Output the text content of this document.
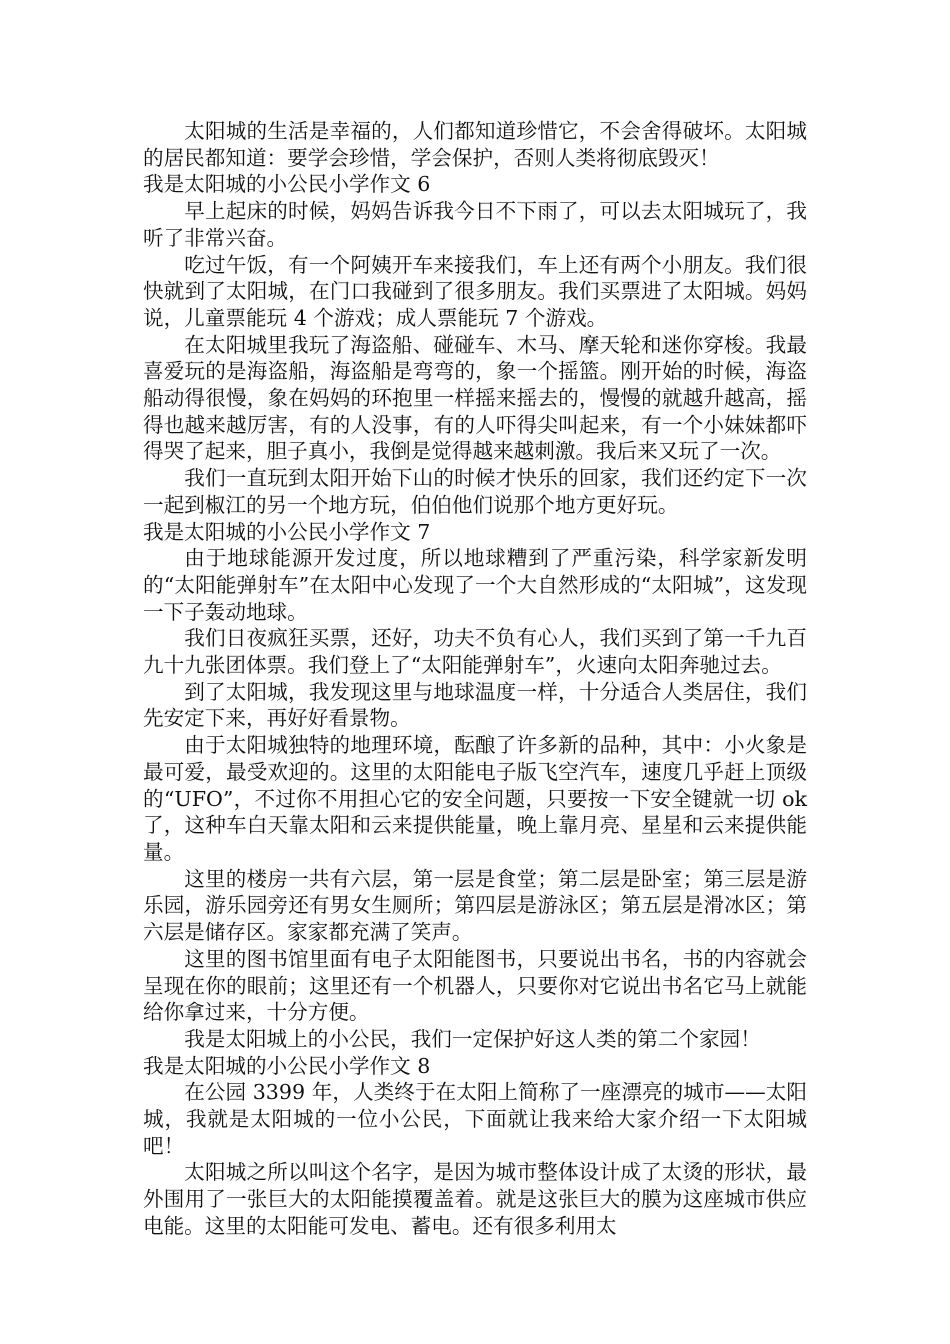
太阳城的生活是幸福的，人们都知道珍惜它，不会舍得破坏。太阳城的居民都知道：要学会珍惜，学会保护，否则人类将彻底毁灭！

我是太阳城的小公民小学作文 6

早上起床的时候，妈妈告诉我今日不下雨了，可以去太阳城玩了，我听了非常兴奋。

吃过午饭，有一个阿姨开车来接我们，车上还有两个小朋友。我们很快就到了太阳城，在门口我碰到了很多朋友。我们买票进了太阳城。妈妈说，儿童票能玩 4 个游戏；成人票能玩 7 个游戏。

在太阳城里我玩了海盗船、碰碰车、木马、摩天轮和迷你穿梭。我最喜爱玩的是海盗船，海盗船是弯弯的，象一个摇篮。刚开始的时候，海盗船动得很慢，象在妈妈的环抱里一样摇来摇去的，慢慢的就越升越高，摇得也越来越厉害，有的人没事，有的人吓得尖叫起来，有一个小妹妹都吓得哭了起来，胆子真小，我倒是觉得越来越刺激。我后来又玩了一次。

我们一直玩到太阳开始下山的时候才快乐的回家，我们还约定下一次一起到椒江的另一个地方玩，伯伯他们说那个地方更好玩。

我是太阳城的小公民小学作文 7

由于地球能源开发过度，所以地球糟到了严重污染，科学家新发明的“太阳能弹射车”在太阳中心发现了一个大自然形成的“太阳城”，这发现一下子轰动地球。

我们日夜疯狂买票，还好，功夫不负有心人，我们买到了第一千九百九十九张团体票。我们登上了“太阳能弹射车”，火速向太阳奔驰过去。

到了太阳城，我发现这里与地球温度一样，十分适合人类居住，我们先安定下来，再好好看景物。

由于太阳城独特的地理环境，酝酿了许多新的品种，其中：小火象是最可爱，最受欢迎的。这里的太阳能电子版飞空汽车，速度几乎赶上顶级的“UFO”，不过你不用担心它的安全问题，只要按一下安全键就一切 ok 了，这种车白天靠太阳和云来提供能量，晚上靠月亮、星星和云来提供能量。

这里的楼房一共有六层，第一层是食堂；第二层是卧室；第三层是游乐园，游乐园旁还有男女生厕所；第四层是游泳区；第五层是滑冰区；第六层是储存区。家家都充满了笑声。

这里的图书馆里面有电子太阳能图书，只要说出书名，书的内容就会呈现在你的眼前；这里还有一个机器人，只要你对它说出书名它马上就能给你拿过来，十分方便。

我是太阳城上的小公民，我们一定保护好这人类的第二个家园！

我是太阳城的小公民小学作文 8

在公园 3399 年，人类终于在太阳上简称了一座漂亮的城市——太阳城，我就是太阳城的一位小公民，下面就让我来给大家介绍一下太阳城吧！

太阳城之所以叫这个名字，是因为城市整体设计成了太烫的形状，最外围用了一张巨大的太阳能摸覆盖着。就是这张巨大的膜为这座城市供应电能。这里的太阳能可发电、蓄电。还有很多利用太
